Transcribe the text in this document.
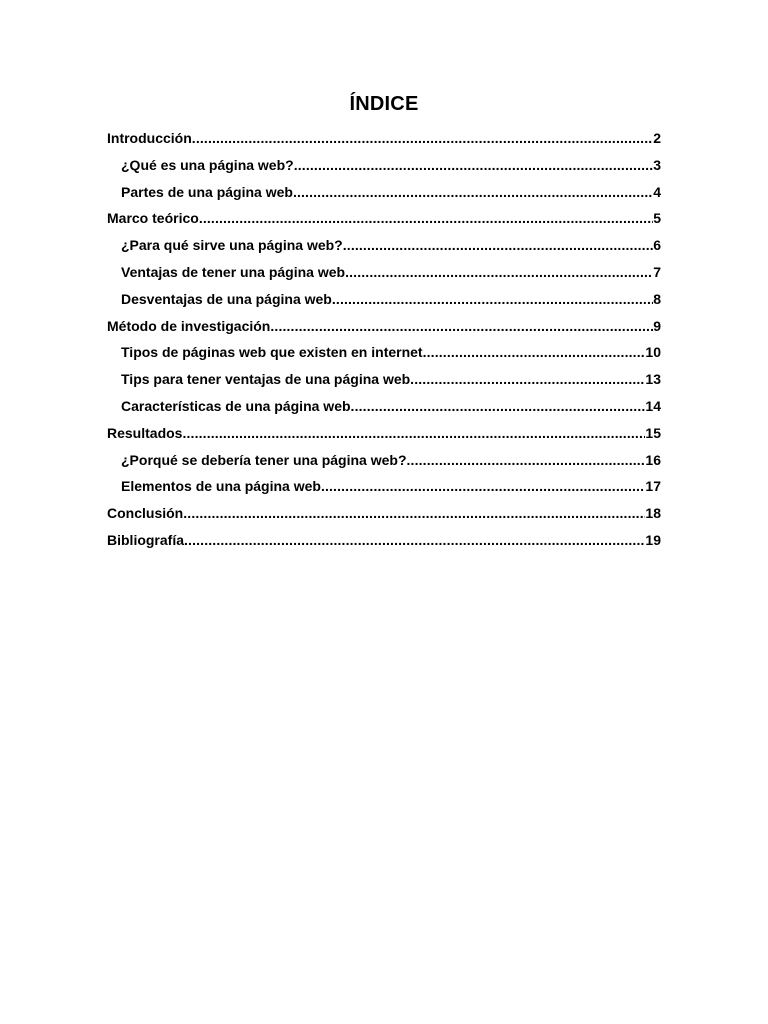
ÍNDICE
Introducción .....	2
¿Qué es una página web? .....	3
Partes de una página web .....	4
Marco teórico .....	5
¿Para qué sirve una página web? .....	6
Ventajas de tener una página web .....	7
Desventajas de una página web .....	8
Método de investigación .....	9
Tipos de páginas web que existen en internet .....	10
Tips para tener ventajas de una página web .....	13
Características de una página web .....	14
Resultados .....	15
¿Porqué se debería tener una página web? .....	16
Elementos de una página web .....	17
Conclusión .....	18
Bibliografía .....	19
